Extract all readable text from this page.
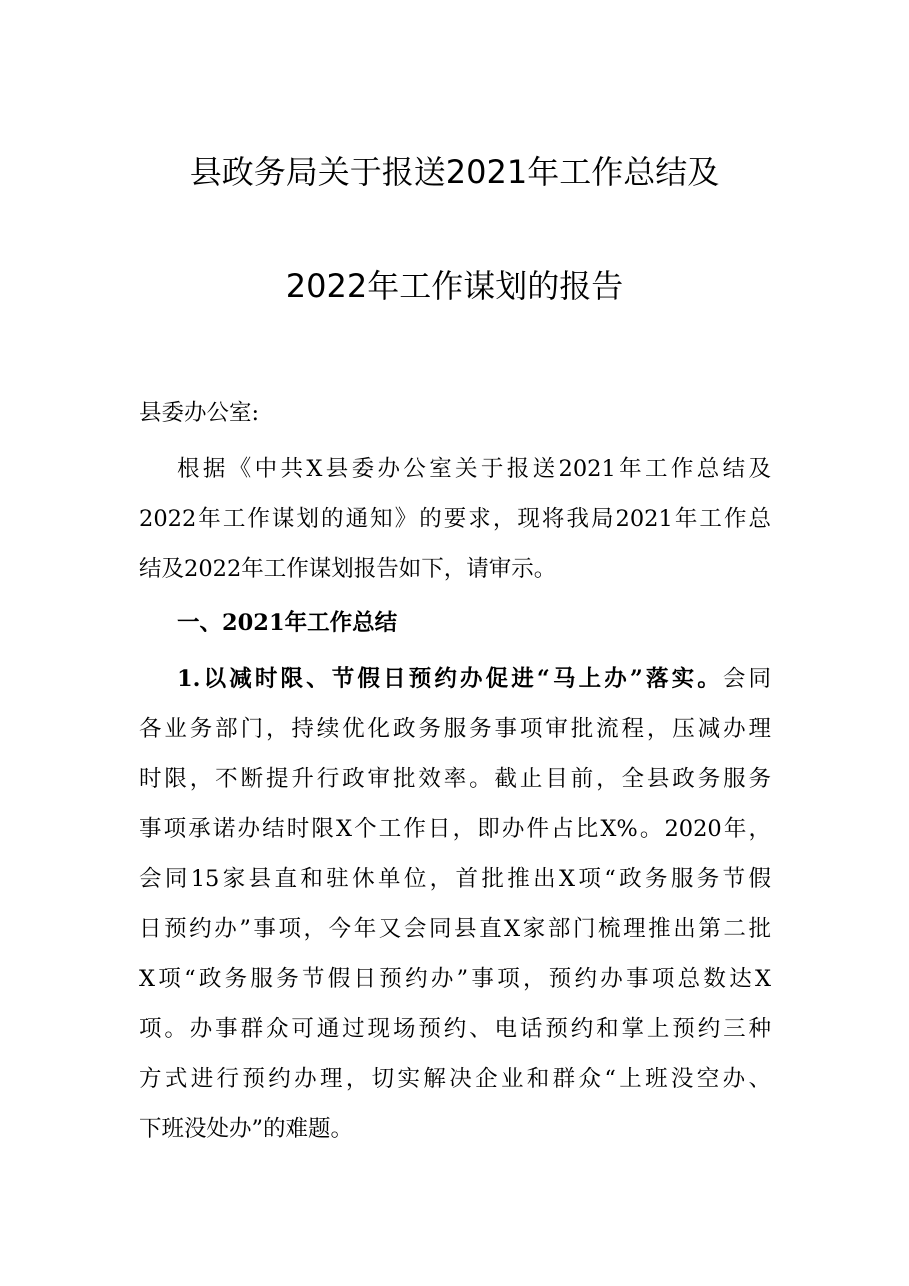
县政务局关于报送2021年工作总结及
2022年工作谋划的报告
县委办公室:
根据《中共X县委办公室关于报送2021年工作总结及
2022年工作谋划的通知》的要求，现将我局2021年工作总
结及2022年工作谋划报告如下，请审示。
一、2021年工作总结
1.以减时限、节假日预约办促进“马上办”落实。会同
各业务部门，持续优化政务服务事项审批流程，压减办理
时限，不断提升行政审批效率。截止目前，全县政务服务
事项承诺办结时限X个工作日，即办件占比X%。2020年，
会同15家县直和驻休单位，首批推出X项“政务服务节假
日预约办”事项，今年又会同县直X家部门梳理推出第二批
X项“政务服务节假日预约办”事项，预约办事项总数达X
项。办事群众可通过现场预约、电话预约和掌上预约三种
方式进行预约办理，切实解决企业和群众“上班没空办、
下班没处办”的难题。
